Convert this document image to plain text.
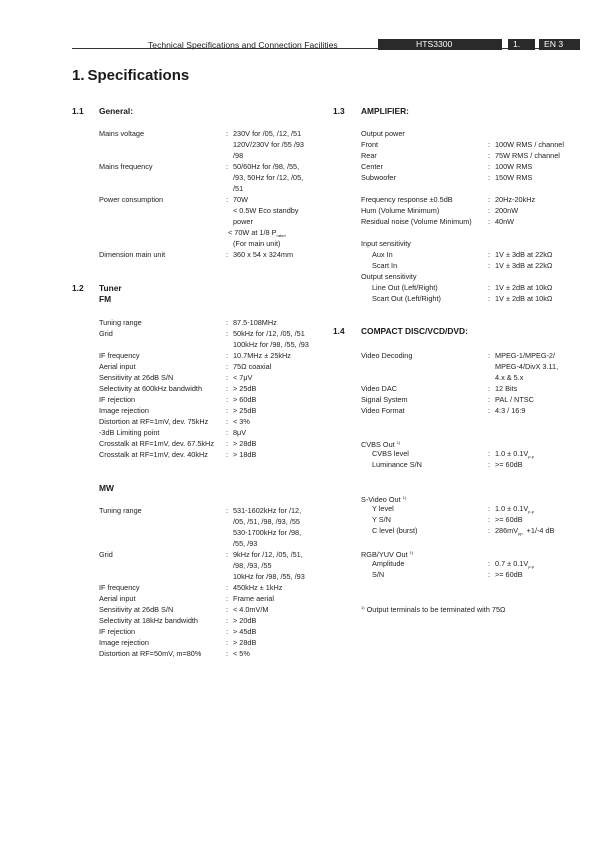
Technical Specifications and Connection Facilities	HTS3300	1.	EN 3
1. Specifications
1.1 General:
Mains voltage	: 230V for /05, /12, /51
120V/230V for /55 /93
/98
Mains frequency	: 50/60Hz for /98, /55,
/93, 50Hz for /12, /05,
/51
Power consumption	: 70W
< 0.5W Eco standby
power
< 70W at 1/8 $P_{rated}$
(For main unit)
Dimension main unit	: 360 x 54 x 324mm
1.2 Tuner
FM
Tuning range	: 87.5-108MHz
Grid	: 50kHz for /12, /05, /51
100kHz for /98, /55, /93
IF frequency	: 10.7MHz ± 25kHz
Aerial input	: 75Ω coaxial
Sensitivity at 26dB S/N	: < 7μV
Selectivity at 600kHz bandwidth	: > 25dB
IF rejection	: > 60dB
Image rejection	: > 25dB
Distortion at RF=1mV, dev. 75kHz : < 3%
-3dB Limiting point	: 8μV
Crosstalk at RF=1mV, dev. 67.5kHz : > 28dB
Crosstalk at RF=1mV, dev. 40kHz : > 18dB
MW
Tuning range	: 531-1602kHz for /12,
/05, /51, /98, /93, /55
530-1700kHz for /98,
/55, /93
Grid	: 9kHz for /12, /05, /51,
/98, /93, /55
10kHz for /98, /55, /93
IF frequency	: 450kHz ± 1kHz
Aerial input	: Frame aerial
Sensitivity at 26dB S/N	: < 4.0mV/M
Selectivity at 18kHz bandwidth	: > 20dB
IF rejection	: > 45dB
Image rejection	: > 28dB
Distortion at RF=50mV, m=80%	: < 5%
1.3 AMPLIFIER:
Output power
Front	: 100W RMS / channel
Rear	: 75W RMS / channel
Center	: 100W RMS
Subwoofer	: 150W RMS
Frequency response ±0.5dB	: 20Hz-20kHz
Hum (Volume Minimum)	: 200nW
Residual noise (Volume Minimum) : 40nW
Input sensitivity
Aux In	: 1V ± 3dB at 22kΩ
Scart In	: 1V ± 3dB at 22kΩ
Output sensitivity
Line Out (Left/Right)	: 1V ± 2dB at 10kΩ
Scart Out (Left/Right)	: 1V ± 2dB at 10kΩ
1.4 COMPACT DISC/VCD/DVD:
Video Decoding	: MPEG-1/MPEG-2/
MPEG-4/DivX 3.11,
4.x & 5.x
Video DAC	: 12 Bits
Signal System	: PAL / NTSC
Video Format	: 4:3 / 16:9
CVBS Out $^{1)}$
CVBS level	: $1.0 \pm 0.1V_{p-p}$
Luminance S/N	: >= 60dB
S-Video Out $^{1)}$
Y level	: $1.0 \pm 0.1V_{p-p}$
Y S/N	: >= 60dB
C level (burst)	: $286mV_{pp} +1/-4$ dB
RGB/YUV Out $^{1)}$
Amplitude	: $0.7 \pm 0.1V_{p-p}$
S/N	: >= 60dB
$^{1)}$ Output terminals to be terminated with 75Ω
